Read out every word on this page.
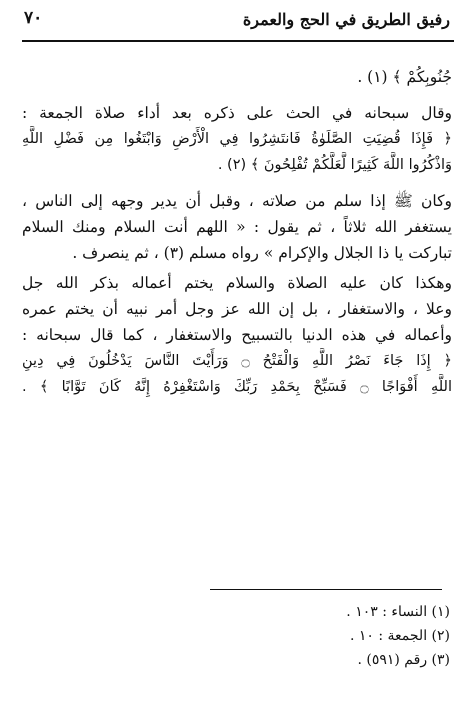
رفيق الطريق في الحج والعمرة
٧٠
جُنُوبِكُمْ ﴾ (١) .
وقال سبحانه في الحث على ذكره بعد أداء صلاة الجمعة :
﴿ فَإِذَا قُضِيَتِ الصَّلَوٰةُ فَانتَشِرُوا فِي الْأَرْضِ وَابْتَغُوا مِن فَضْلِ اللَّهِ
وَاذْكُرُوا اللَّهَ كَثِيرًا لَّعَلَّكُمْ تُفْلِحُونَ ﴾ (٢) .
وكان ﷺ إذا سلم من صلاته ، وقبل أن يدير وجهه إلى الناس ،
يستغفر الله ثلاثاً ، ثم يقول : « اللهم أنت السلام ومنك السلام
تباركت يا ذا الجلال والإكرام » رواه مسلم (٣) ، ثم ينصرف .
وهكذا كان عليه الصلاة والسلام يختم أعماله بذكر الله جل
وعلا ، والاستغفار ، بل إن الله عز وجل أمر نبيه أن يختم عمره
وأعماله في هذه الدنيا بالتسبيح والاستغفار ، كما قال سبحانه :
﴿ إِذَا جَاءَ نَصْرُ اللَّهِ وَالْفَتْحُ ۝ وَرَأَيْتَ النَّاسَ يَدْخُلُونَ فِي دِينِ
اللَّهِ أَفْوَاجًا ۝ فَسَبِّحْ بِحَمْدِ رَبِّكَ وَاسْتَغْفِرْهُ إِنَّهُ كَانَ تَوَّابًا ﴾ .
(١) النساء : ١٠٣ .
(٢) الجمعة : ١٠ .
(٣) رقم (٥٩١) .
